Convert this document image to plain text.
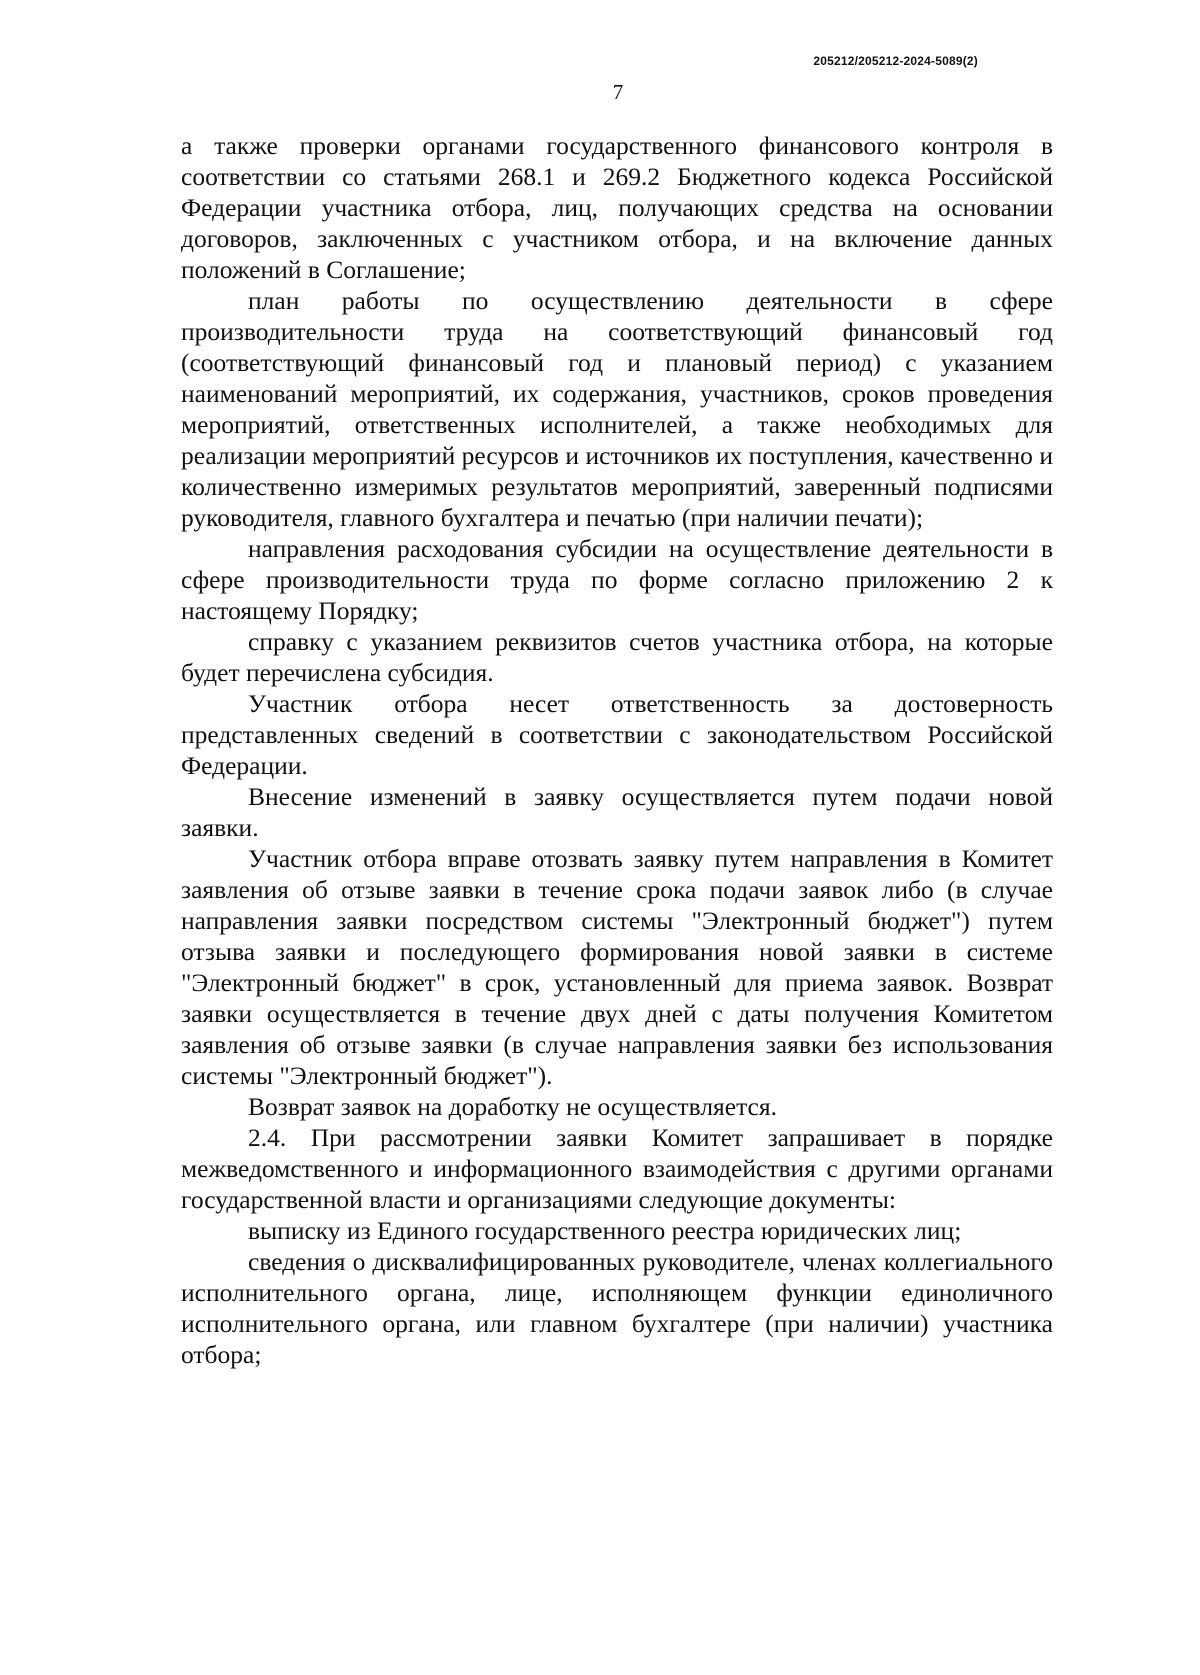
205212/205212-2024-5089(2)
7

а также проверки органами государственного финансового контроля в соответствии со статьями 268.1 и 269.2 Бюджетного кодекса Российской Федерации участника отбора, лиц, получающих средства на основании договоров, заключенных с участником отбора, и на включение данных положений в Соглашение;

план работы по осуществлению деятельности в сфере производительности труда на соответствующий финансовый год (соответствующий финансовый год и плановый период) с указанием наименований мероприятий, их содержания, участников, сроков проведения мероприятий, ответственных исполнителей, а также необходимых для реализации мероприятий ресурсов и источников их поступления, качественно и количественно измеримых результатов мероприятий, заверенный подписями руководителя, главного бухгалтера и печатью (при наличии печати);

направления расходования субсидии на осуществление деятельности в сфере производительности труда по форме согласно приложению 2 к настоящему Порядку;

справку с указанием реквизитов счетов участника отбора, на которые будет перечислена субсидия.

Участник отбора несет ответственность за достоверность представленных сведений в соответствии с законодательством Российской Федерации.

Внесение изменений в заявку осуществляется путем подачи новой заявки.

Участник отбора вправе отозвать заявку путем направления в Комитет заявления об отзыве заявки в течение срока подачи заявок либо (в случае направления заявки посредством системы "Электронный бюджет") путем отзыва заявки и последующего формирования новой заявки в системе "Электронный бюджет" в срок, установленный для приема заявок. Возврат заявки осуществляется в течение двух дней с даты получения Комитетом заявления об отзыве заявки (в случае направления заявки без использования системы "Электронный бюджет").

Возврат заявок на доработку не осуществляется.

2.4. При рассмотрении заявки Комитет запрашивает в порядке межведомственного и информационного взаимодействия с другими органами государственной власти и организациями следующие документы:

выписку из Единого государственного реестра юридических лиц;

сведения о дисквалифицированных руководителе, членах коллегиального исполнительного органа, лице, исполняющем функции единоличного исполнительного органа, или главном бухгалтере (при наличии) участника отбора;
